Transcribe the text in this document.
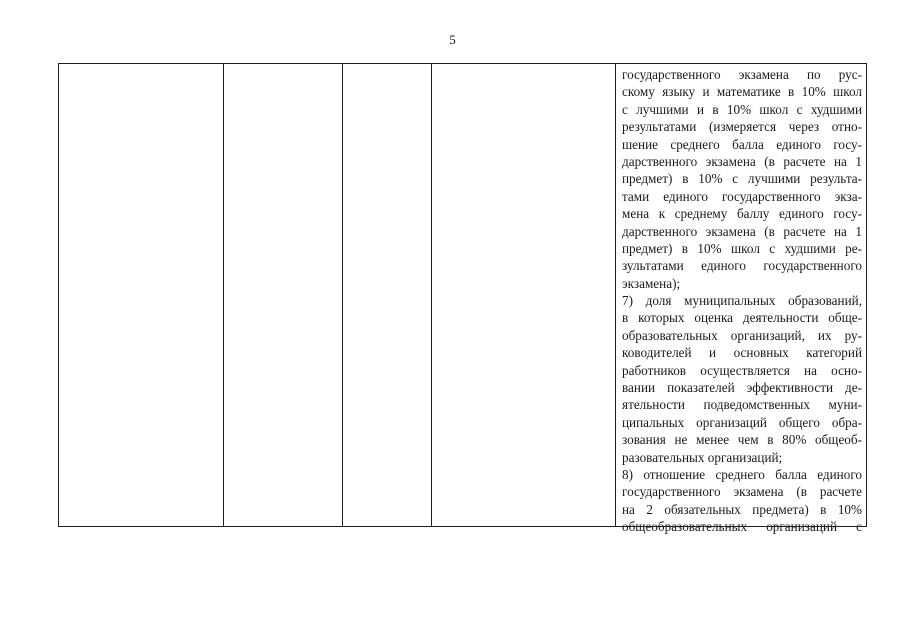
5
государственного экзамена по рус-
скому языку и математике в 10% школ
с лучшими и в 10% школ с худшими
результатами (измеряется через отно-
шение среднего балла единого госу-
дарственного экзамена (в расчете на 1
предмет) в 10% с лучшими результа-
тами единого государственного экза-
мена к среднему баллу единого госу-
дарственного экзамена (в расчете на 1
предмет) в 10% школ с худшими ре-
зультатами единого государственного
экзамена);
7) доля муниципальных образований,
в которых оценка деятельности обще-
образовательных организаций, их ру-
ководителей и основных категорий
работников осуществляется на осно-
вании показателей эффективности де-
ятельности подведомственных муни-
ципальных организаций общего обра-
зования не менее чем в 80% общеоб-
разовательных организаций;
8) отношение среднего балла единого
государственного экзамена (в расчете
на 2 обязательных предмета) в 10%
общеобразовательных организаций с
